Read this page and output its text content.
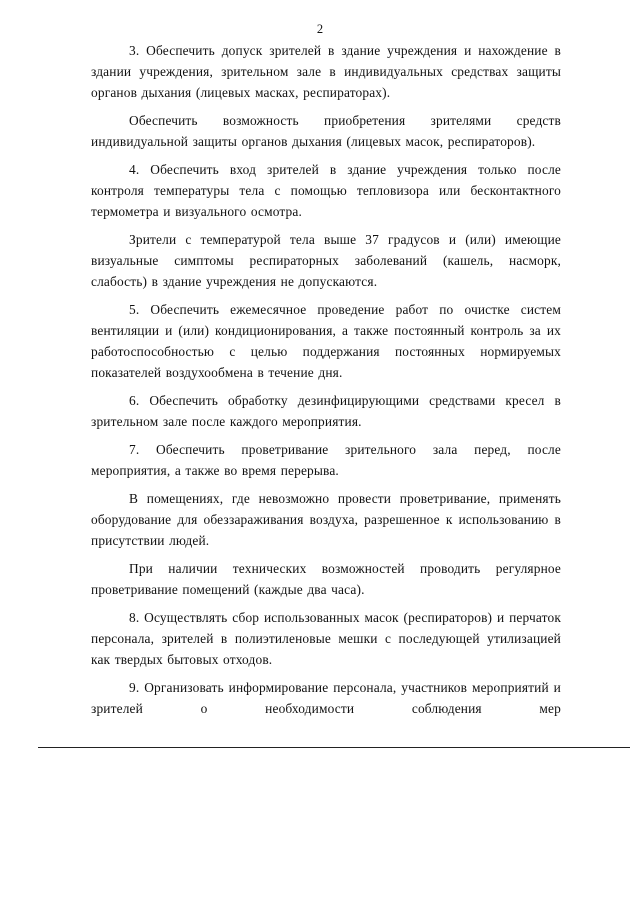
2

3. Обеспечить допуск зрителей в здание учреждения и нахождение в здании учреждения, зрительном зале в индивидуальных средствах защиты органов дыхания (лицевых масках, респираторах).

Обеспечить возможность приобретения зрителями средств индивидуальной защиты органов дыхания (лицевых масок, респираторов).

4. Обеспечить вход зрителей в здание учреждения только после контроля температуры тела с помощью тепловизора или бесконтактного термометра и визуального осмотра.

Зрители с температурой тела выше 37 градусов и (или) имеющие визуальные симптомы респираторных заболеваний (кашель, насморк, слабость) в здание учреждения не допускаются.

5. Обеспечить ежемесячное проведение работ по очистке систем вентиляции и (или) кондиционирования, а также постоянный контроль за их работоспособностью с целью поддержания постоянных нормируемых показателей воздухообмена в течение дня.

6. Обеспечить обработку дезинфицирующими средствами кресел в зрительном зале после каждого мероприятия.

7. Обеспечить проветривание зрительного зала перед, после мероприятия, а также во время перерыва.

В помещениях, где невозможно провести проветривание, применять оборудование для обеззараживания воздуха, разрешенное к использованию в присутствии людей.

При наличии технических возможностей проводить регулярное проветривание помещений (каждые два часа).

8. Осуществлять сбор использованных масок (респираторов) и перчаток персонала, зрителей в полиэтиленовые мешки с последующей утилизацией как твердых бытовых отходов.

9. Организовать информирование персонала, участников мероприятий и зрителей о необходимости соблюдения мер
